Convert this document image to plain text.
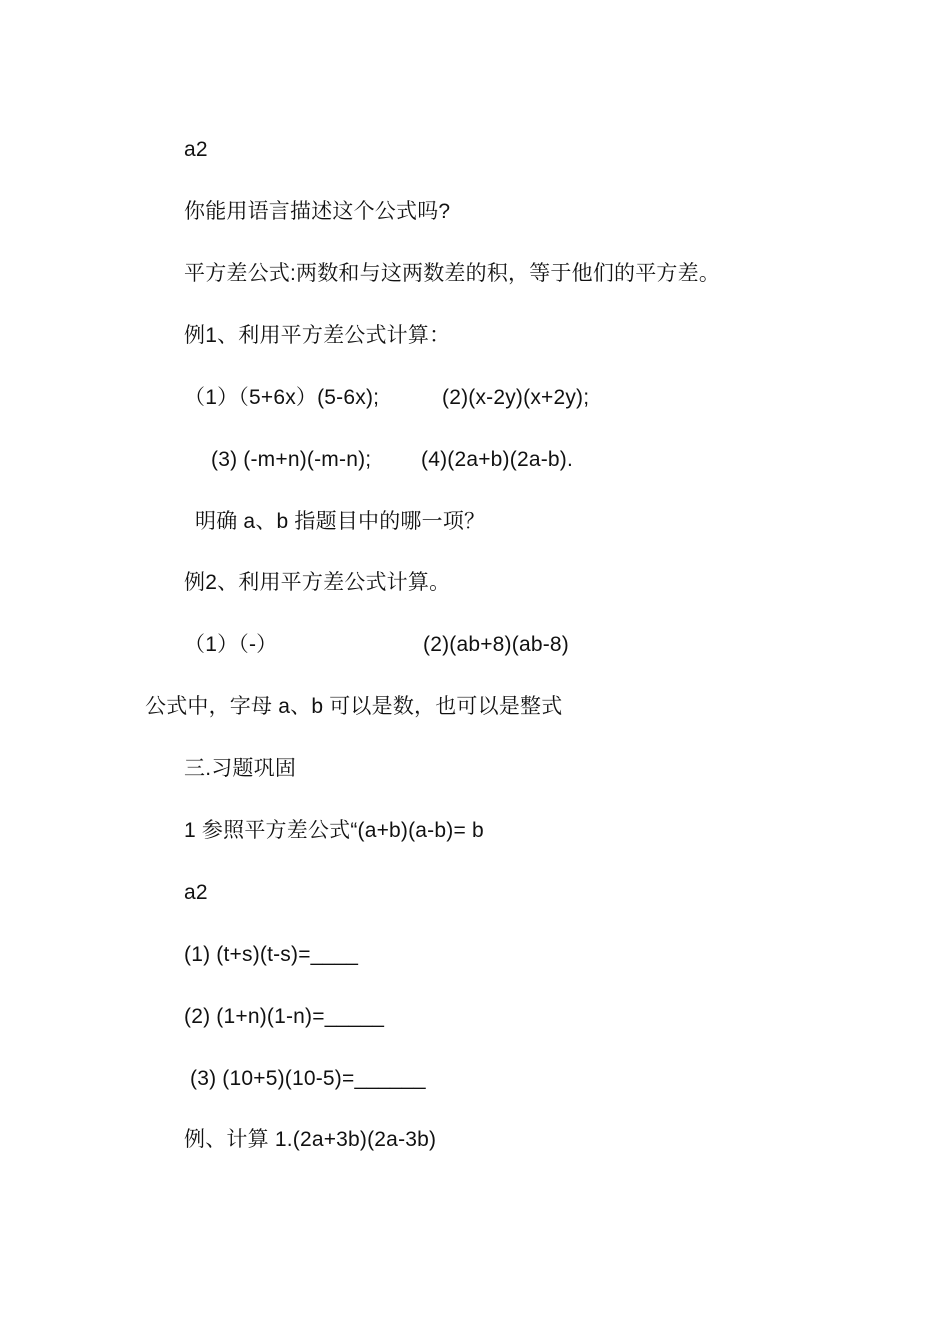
a2
你能用语言描述这个公式吗?
平方差公式:两数和与这两数差的积，等于他们的平方差。
例1、利用平方差公式计算：
（1）（5+6x）(5-6x);	(2)(x-2y)(x+2y);
(3) (-m+n)(-m-n); (4)(2a+b)(2a-b).
明确 a、b 指题目中的哪一项？
例2、利用平方差公式计算。
（1）（-）	(2)(ab+8)(ab-8)
公式中，字母 a、b 可以是数，也可以是整式
三.习题巩固
1 参照平方差公式“(a+b)(a-b)= b
a2
(1) (t+s)(t-s)=____
(2) (1+n)(1-n)=_____
(3) (10+5)(10-5)=______
例、计算 1.(2a+3b)(2a-3b)
